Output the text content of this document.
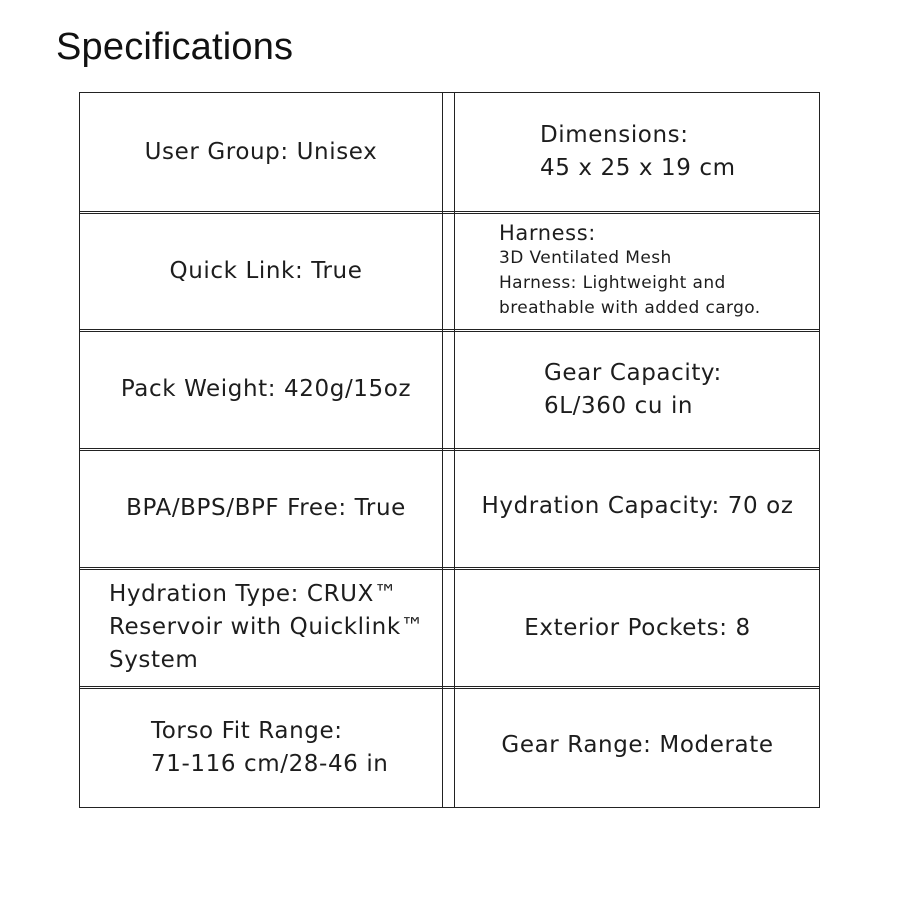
Specifications
User Group: Unisex
Dimensions:
45 x 25 x 19 cm
Quick Link: True
Harness:
3D Ventilated Mesh
Harness: Lightweight and
breathable with added cargo.
Pack Weight: 420g/15oz
Gear Capacity:
6L/360 cu in
BPA/BPS/BPF Free: True	Hydration Capacity: 70 oz
Hydration Type: CRUX™
Reservoir with Quicklink™
System
Exterior Pockets: 8
Torso Fit Range:
71-116 cm/28-46 in
Gear Range: Moderate
